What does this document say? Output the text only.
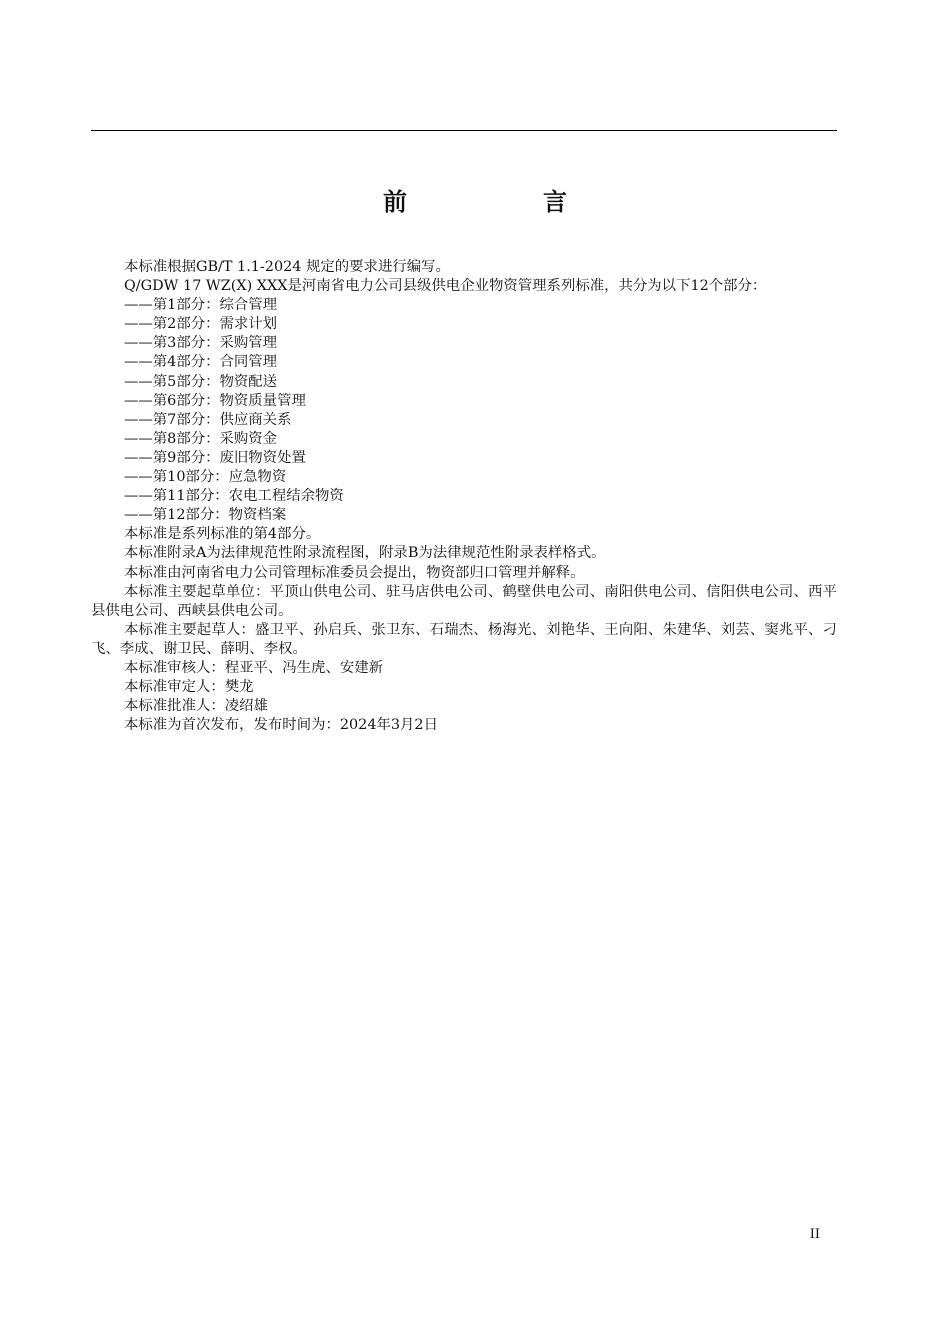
前　言

本标准根据GB/T 1.1-2024 规定的要求进行编写。

Q/GDW 17 WZ(X) XXX是河南省电力公司县级供电企业物资管理系列标准，共分为以下12个部分：

——第1部分：综合管理

——第2部分：需求计划

——第3部分：采购管理

——第4部分：合同管理

——第5部分：物资配送

——第6部分：物资质量管理

——第7部分：供应商关系

——第8部分：采购资金

——第9部分：废旧物资处置

——第10部分：应急物资

——第11部分：农电工程结余物资

——第12部分：物资档案

本标准是系列标准的第4部分。

本标准附录A为法律规范性附录流程图，附录B为法律规范性附录表样格式。

本标准由河南省电力公司管理标准委员会提出，物资部归口管理并解释。

本标准主要起草单位：平顶山供电公司、驻马店供电公司、鹤壁供电公司、南阳供电公司、信阳供电公司、西平县供电公司、西峡县供电公司。

本标准主要起草人：盛卫平、孙启兵、张卫东、石瑞杰、杨海光、刘艳华、王向阳、朱建华、刘芸、窦兆平、刁飞、李成、谢卫民、薛明、李权。

本标准审核人：程亚平、冯生虎、安建新

本标准审定人：樊龙

本标准批准人：凌绍雄

本标准为首次发布，发布时间为：2024年3月2日

II
